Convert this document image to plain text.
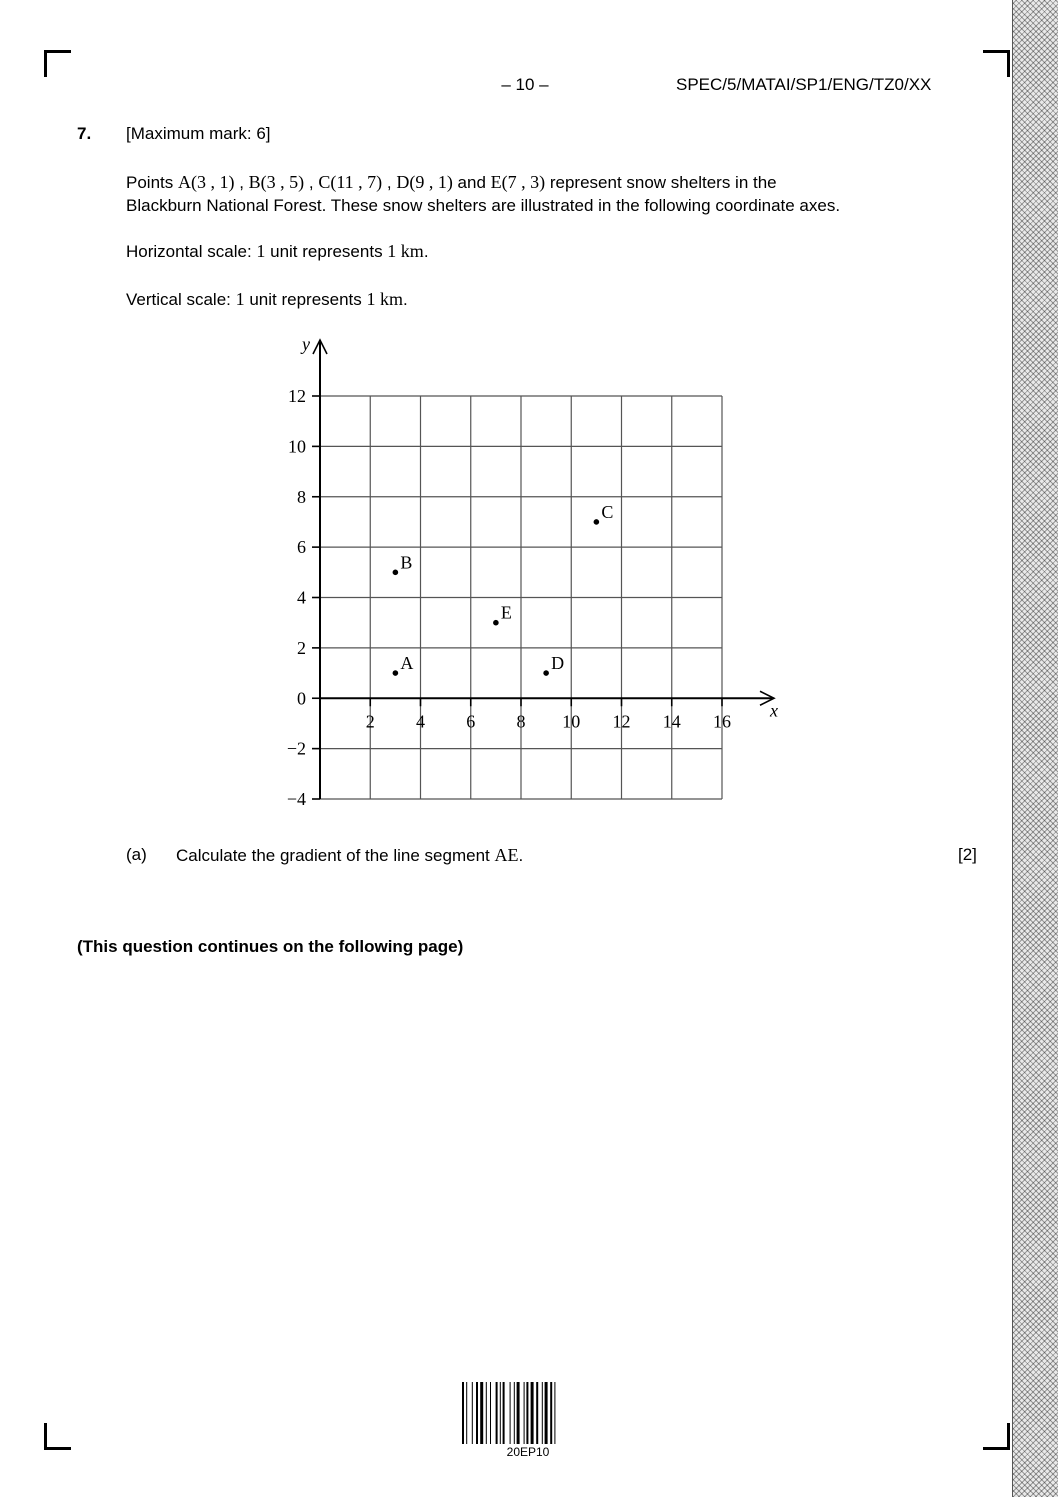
– 10 –	SPEC/5/MATAI/SP1/ENG/TZ0/XX
7. [Maximum mark: 6]
Points A(3 , 1) , B(3 , 5) , C(11 , 7) , D(9 , 1) and E(7 , 3) represent snow shelters in the
Blackburn National Forest. These snow shelters are illustrated in the following coordinate axes.
Horizontal scale: 1 unit represents 1 km.
Vertical scale: 1 unit represents 1 km.
x
y
12
10
8
6
4
2
0
−2
−4
2 4 6 8 10 12 14 16
A
B
C
D
E
(a) Calculate the gradient of the line segment AE.	[2]
(This question continues on the following page)
20EP10
